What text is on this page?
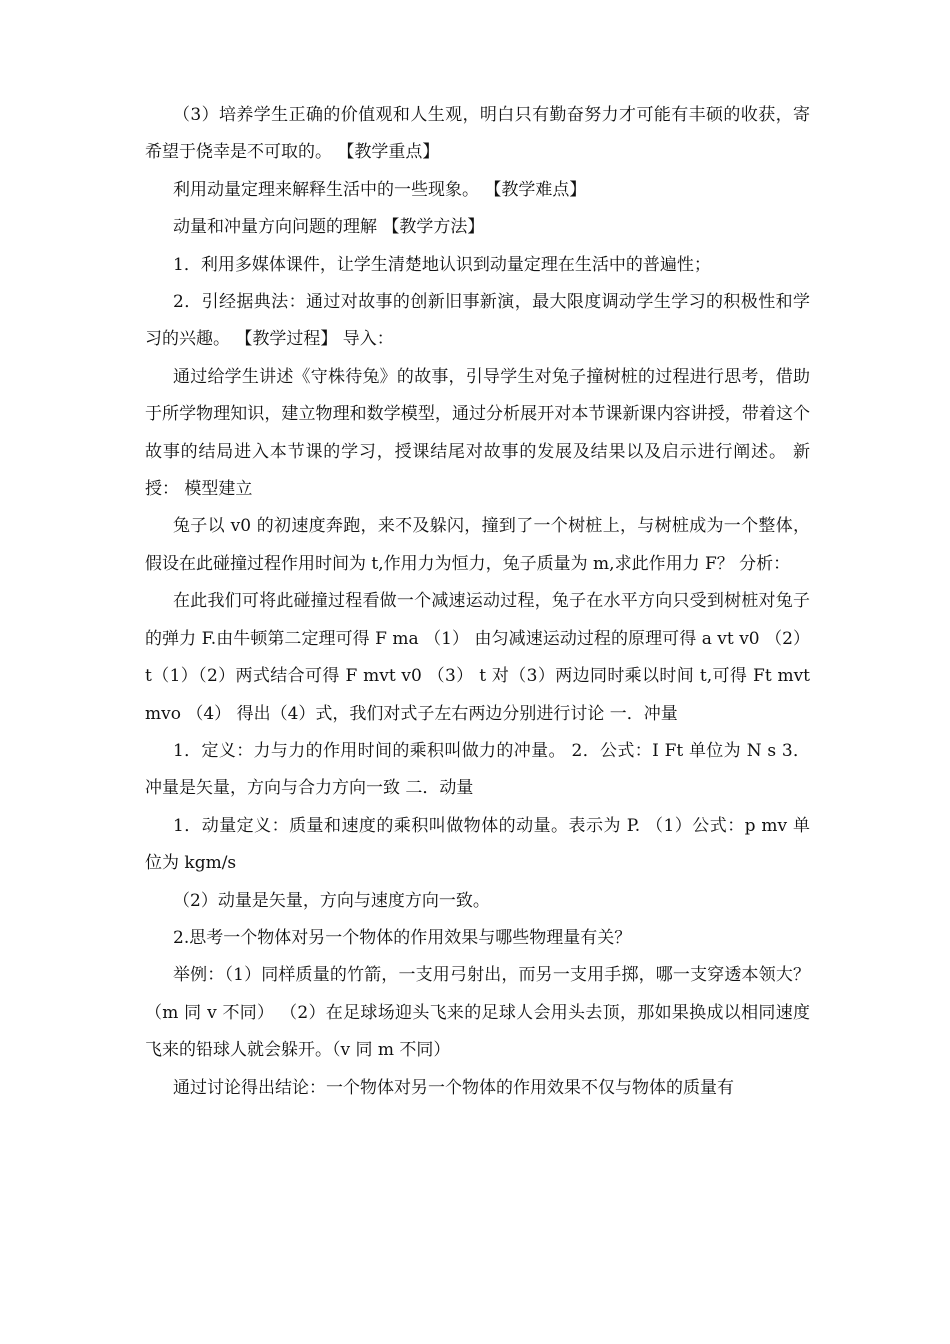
（3）培养学生正确的价值观和人生观，明白只有勤奋努力才可能有丰硕的收获，寄希望于侥幸是不可取的。 【教学重点】

利用动量定理来解释生活中的一些现象。 【教学难点】

动量和冲量方向问题的理解 【教学方法】

1．利用多媒体课件，让学生清楚地认识到动量定理在生活中的普遍性；

2．引经据典法：通过对故事的创新旧事新演，最大限度调动学生学习的积极性和学习的兴趣。 【教学过程】 导入：

通过给学生讲述《守株待兔》的故事，引导学生对兔子撞树桩的过程进行思考，借助于所学物理知识，建立物理和数学模型，通过分析展开对本节课新课内容讲授，带着这个故事的结局进入本节课的学习，授课结尾对故事的发展及结果以及启示进行阐述。 新授： 模型建立

兔子以 v0 的初速度奔跑，来不及躲闪，撞到了一个树桩上，与树桩成为一个整体，假设在此碰撞过程作用时间为 t,作用力为恒力，兔子质量为 m,求此作用力 F？ 分析：

在此我们可将此碰撞过程看做一个减速运动过程，兔子在水平方向只受到树桩对兔子的弹力 F.由牛顿第二定理可得 F ma （1） 由匀减速运动过程的原理可得 a vt v0 （2） t（1）（2）两式结合可得 F mvt v0 （3） t 对（3）两边同时乘以时间 t,可得 Ft mvt mvo （4） 得出（4）式，我们对式子左右两边分别进行讨论 一．冲量

1．定义：力与力的作用时间的乘积叫做力的冲量。 2．公式：I Ft 单位为 N s 3．冲量是矢量，方向与合力方向一致 二．动量

1．动量定义：质量和速度的乘积叫做物体的动量。表示为 P. （1）公式：p mv 单位为 kgm/s

（2）动量是矢量，方向与速度方向一致。

2.思考一个物体对另一个物体的作用效果与哪些物理量有关？

举例：（1）同样质量的竹箭，一支用弓射出，而另一支用手掷，哪一支穿透本领大？（m 同 v 不同） （2）在足球场迎头飞来的足球人会用头去顶，那如果换成以相同速度飞来的铅球人就会躲开。（v 同 m 不同）

通过讨论得出结论：一个物体对另一个物体的作用效果不仅与物体的质量有
